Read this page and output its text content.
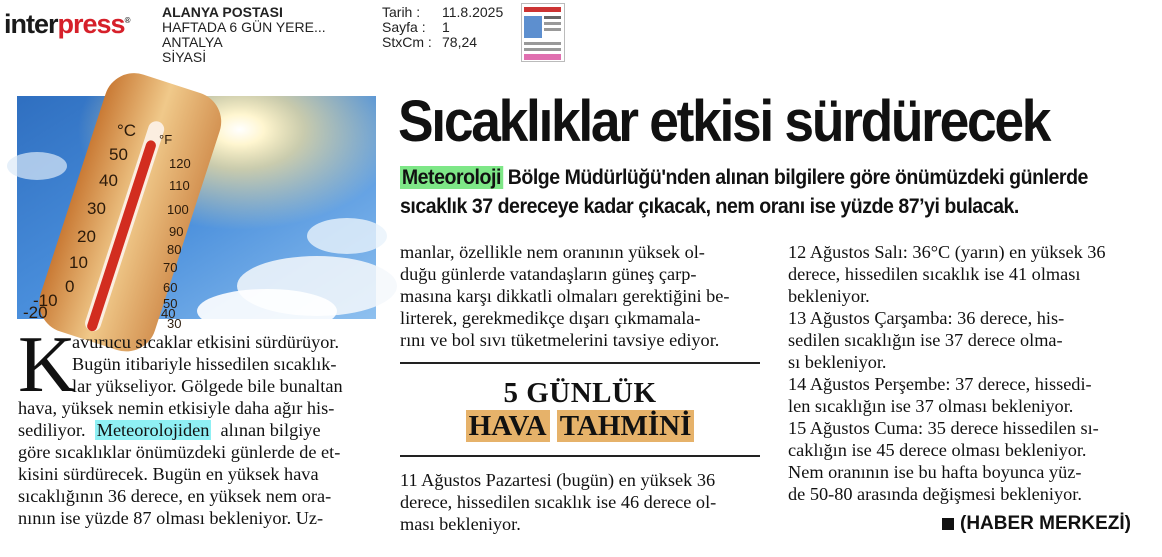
interpress®
ALANYA POSTASI
HAFTADA 6 GÜN YERE...
ANTALYA
SİYASİ
Tarih :	11.8.2025
Sayfa :	1
StxCm : 78,24
°C
50
40
30
20
10
0
-10
-20
°F
120
110
100
90
80
70
60
50
40
30
Sıcaklıklar etkisi sürdürecek
Meteoroloji Bölge Müdürlüğü'nden alınan bilgilere göre önümüzdeki günlerde
sıcaklık 37 dereceye kadar çıkacak, nem oranı ise yüzde 87’yi bulacak.
K
avurucu sıcaklar etkisini sürdürüyor.
Bugün itibariyle hissedilen sıcaklık-
lar yükseliyor. Gölgede bile bunaltan
hava, yüksek nemin etkisiyle daha ağır his-
sediliyor. Meteorolojiden alınan bilgiye
göre sıcaklıklar önümüzdeki günlerde de et-
kisini sürdürecek. Bugün en yüksek hava
sıcaklığının 36 derece, en yüksek nem ora-
nının ise yüzde 87 olması bekleniyor. Uz-
manlar, özellikle nem oranının yüksek ol-
duğu günlerde vatandaşların güneş çarp-
masına karşı dikkatli olmaları gerektiğini be-
lirterek, gerekmedikçe dışarı çıkmamala-
rını ve bol sıvı tüketmelerini tavsiye ediyor.
5 GÜNLÜK
HAVA TAHMİNİ
11 Ağustos Pazartesi (bugün) en yüksek 36
derece, hissedilen sıcaklık ise 46 derece ol-
ması bekleniyor.
12 Ağustos Salı: 36°C (yarın) en yüksek 36
derece, hissedilen sıcaklık ise 41 olması
bekleniyor.
13 Ağustos Çarşamba: 36 derece, his-
sedilen sıcaklığın ise 37 derece olma-
sı bekleniyor.
14 Ağustos Perşembe: 37 derece, hissedi-
len sıcaklığın ise 37 olması bekleniyor.
15 Ağustos Cuma: 35 derece hissedilen sı-
caklığın ise 45 derece olması bekleniyor.
Nem oranının ise bu hafta boyunca yüz-
de 50-80 arasında değişmesi bekleniyor.
(HABER MERKEZİ)
